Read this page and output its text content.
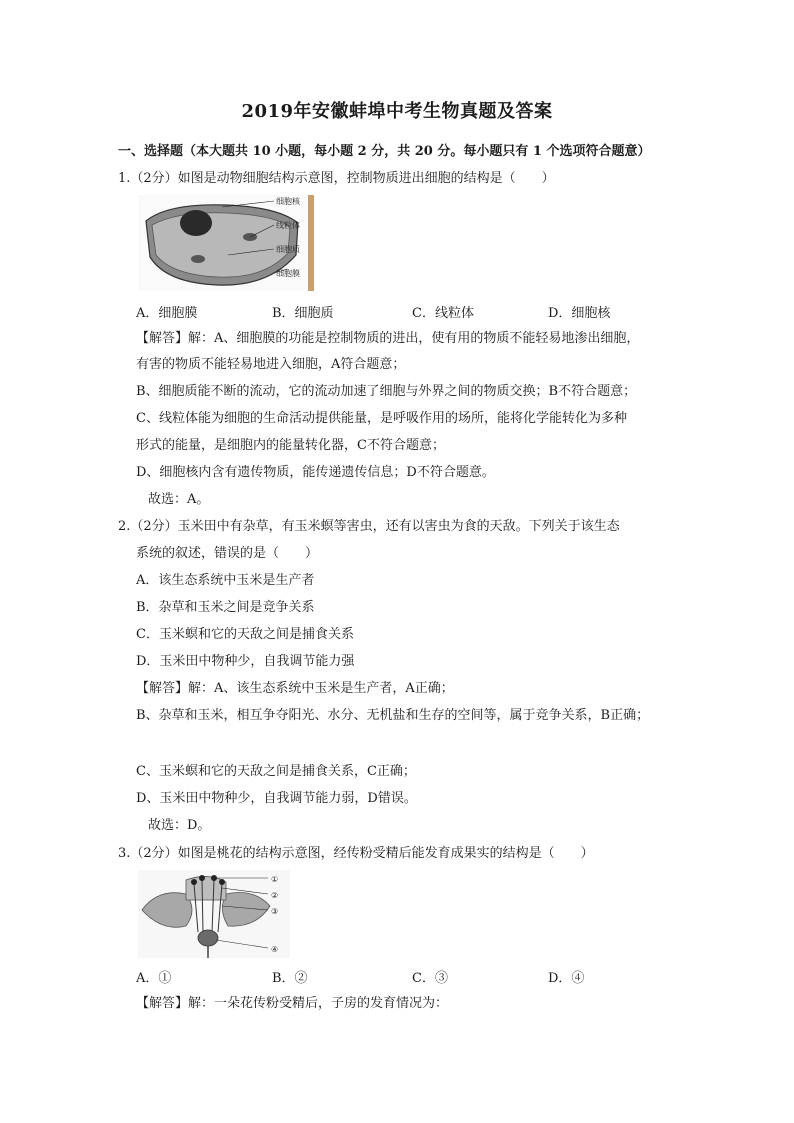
2019年安徽蚌埠中考生物真题及答案
一、选择题（本大题共 10 小题，每小题 2 分，共 20 分。每小题只有 1 个选项符合题意）
1.（2分）如图是动物细胞结构示意图，控制物质进出细胞的结构是（　　）
细胞核
线粒体
细胞质
细胞膜
A．细胞膜	B．细胞质	C．线粒体	D．细胞核
【解答】解：A、细胞膜的功能是控制物质的进出，使有用的物质不能轻易地渗出细胞，
有害的物质不能轻易地进入细胞，A符合题意；
B、细胞质能不断的流动，它的流动加速了细胞与外界之间的物质交换；B不符合题意；
C、线粒体能为细胞的生命活动提供能量，是呼吸作用的场所，能将化学能转化为多种
形式的能量，是细胞内的能量转化器，C不符合题意；
D、细胞核内含有遗传物质，能传递遗传信息；D不符合题意。
故选：A。
2.（2分）玉米田中有杂草，有玉米螟等害虫，还有以害虫为食的天敌。下列关于该生态
系统的叙述，错误的是（　　）
A．该生态系统中玉米是生产者
B．杂草和玉米之间是竞争关系
C．玉米螟和它的天敌之间是捕食关系
D．玉米田中物种少，自我调节能力强
【解答】解：A、该生态系统中玉米是生产者，A正确；
B、杂草和玉米，相互争夺阳光、水分、无机盐和生存的空间等，属于竞争关系，B正确；
C、玉米螟和它的天敌之间是捕食关系，C正确；
D、玉米田中物种少，自我调节能力弱，D错误。
故选：D。
3.（2分）如图是桃花的结构示意图，经传粉受精后能发育成果实的结构是（　　）
①
②
③
④
A．①	B．②	C．③	D．④
【解答】解：一朵花传粉受精后，子房的发育情况为：
